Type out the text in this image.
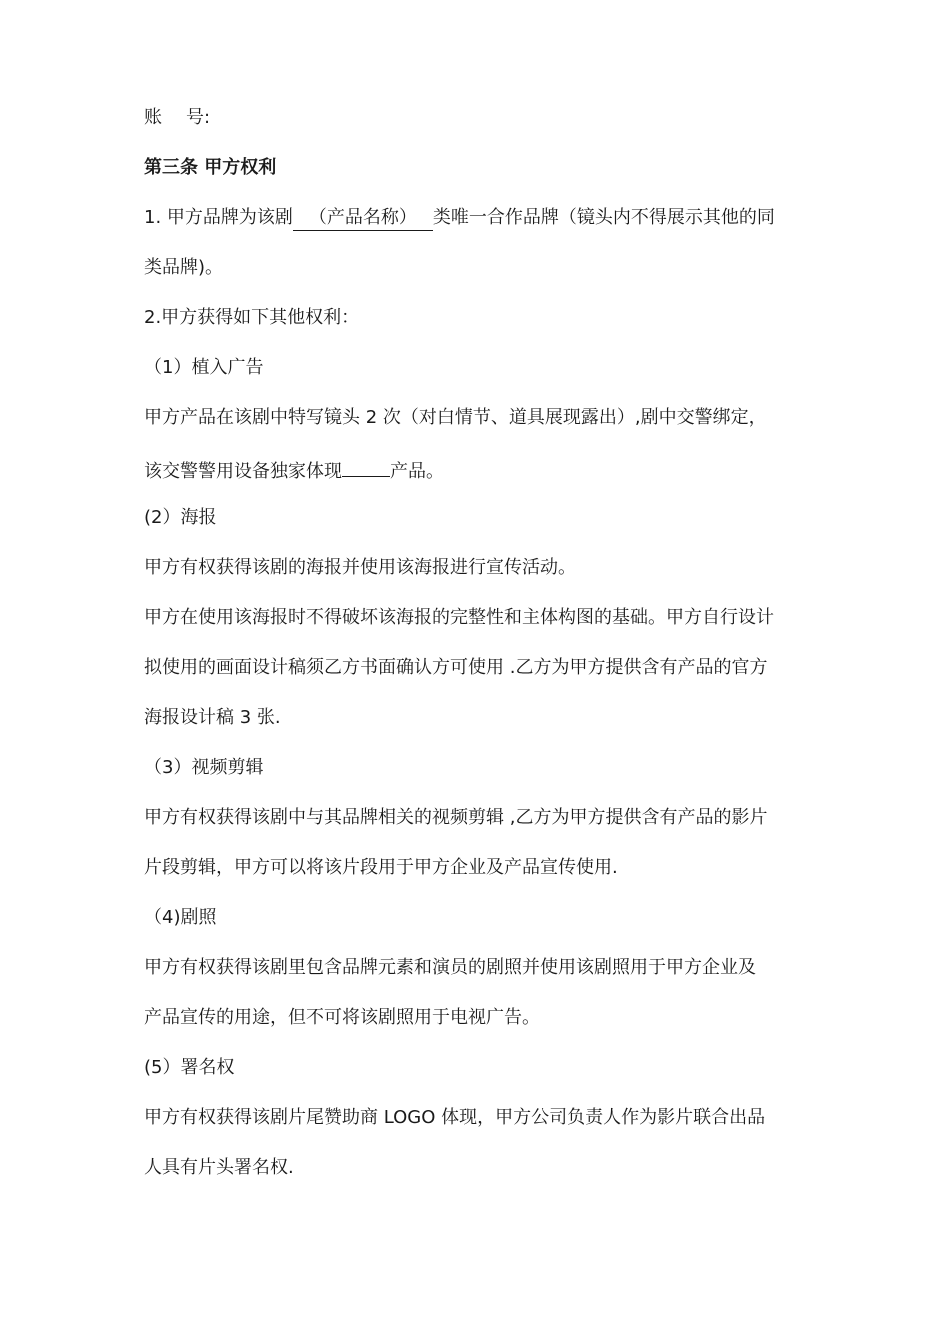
账 号:
第三条 甲方权利
1. 甲方品牌为该剧 （产品名称） 类唯一合作品牌（镜头内不得展示其他的同
类品牌)。
2.甲方获得如下其他权利：
（1）植入广告
甲方产品在该剧中特写镜头 2 次（对白情节、道具展现露出）,剧中交警绑定，
该交警警用设备独家体现	产品。
(2）海报
甲方有权获得该剧的海报并使用该海报进行宣传活动。
甲方在使用该海报时不得破坏该海报的完整性和主体构图的基础。甲方自行设计
拟使用的画面设计稿须乙方书面确认方可使用 .乙方为甲方提供含有产品的官方
海报设计稿 3 张.
（3）视频剪辑
甲方有权获得该剧中与其品牌相关的视频剪辑 ,乙方为甲方提供含有产品的影片
片段剪辑，甲方可以将该片段用于甲方企业及产品宣传使用.
（4)剧照
甲方有权获得该剧里包含品牌元素和演员的剧照并使用该剧照用于甲方企业及
产品宣传的用途，但不可将该剧照用于电视广告。
(5）署名权
甲方有权获得该剧片尾赞助商 LOGO 体现，甲方公司负责人作为影片联合出品
人具有片头署名权.
